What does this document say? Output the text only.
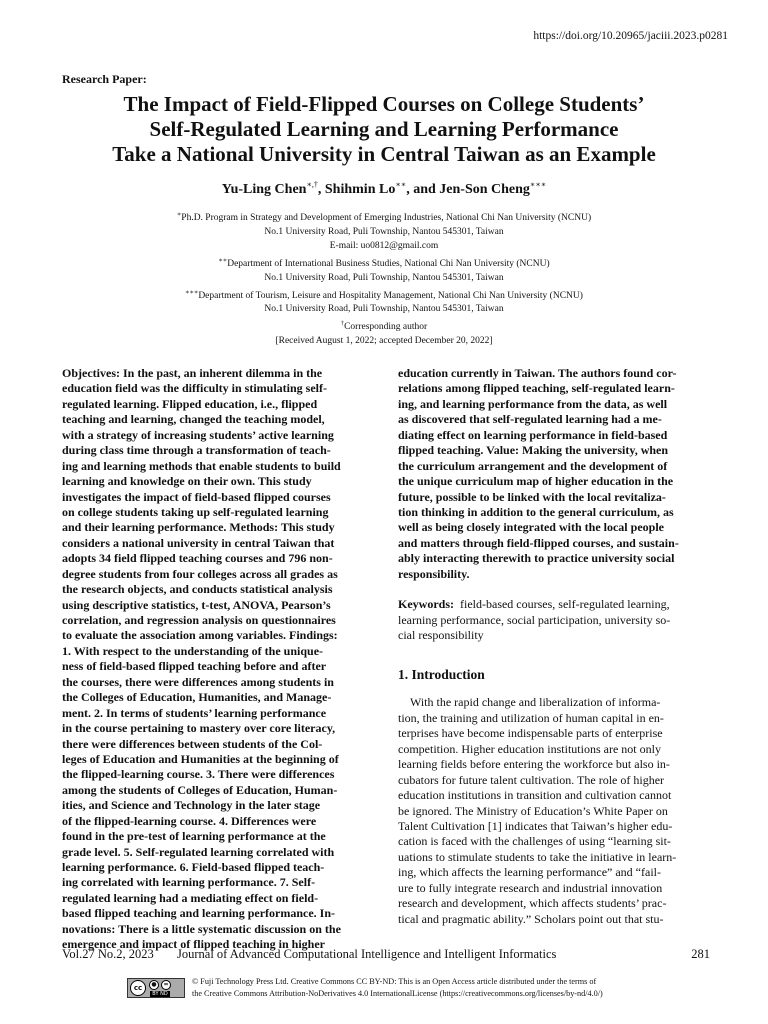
https://doi.org/10.20965/jaciii.2023.p0281
Research Paper:
The Impact of Field-Flipped Courses on College Students’
Self-Regulated Learning and Learning Performance
Take a National University in Central Taiwan as an Example
Yu-Ling Chen∗,†, Shihmin Lo∗∗, and Jen-Son Cheng∗∗∗
∗Ph.D. Program in Strategy and Development of Emerging Industries, National Chi Nan University (NCNU)
No.1 University Road, Puli Township, Nantou 545301, Taiwan
E-mail: uo0812@gmail.com
∗∗Department of International Business Studies, National Chi Nan University (NCNU)
No.1 University Road, Puli Township, Nantou 545301, Taiwan
∗∗∗Department of Tourism, Leisure and Hospitality Management, National Chi Nan University (NCNU)
No.1 University Road, Puli Township, Nantou 545301, Taiwan
†Corresponding author
[Received August 1, 2022; accepted December 20, 2022]
Objectives: In the past, an inherent dilemma in the
education field was the difficulty in stimulating self-
regulated learning. Flipped education, i.e., flipped
teaching and learning, changed the teaching model,
with a strategy of increasing students’ active learning
during class time through a transformation of teach-
ing and learning methods that enable students to build
learning and knowledge on their own. This study
investigates the impact of field-based flipped courses
on college students taking up self-regulated learning
and their learning performance. Methods: This study
considers a national university in central Taiwan that
adopts 34 field flipped teaching courses and 796 non-
degree students from four colleges across all grades as
the research objects, and conducts statistical analysis
using descriptive statistics, t-test, ANOVA, Pearson’s
correlation, and regression analysis on questionnaires
to evaluate the association among variables. Findings:
1. With respect to the understanding of the unique-
ness of field-based flipped teaching before and after
the courses, there were differences among students in
the Colleges of Education, Humanities, and Manage-
ment. 2. In terms of students’ learning performance
in the course pertaining to mastery over core literacy,
there were differences between students of the Col-
leges of Education and Humanities at the beginning of
the flipped-learning course. 3. There were differences
among the students of Colleges of Education, Human-
ities, and Science and Technology in the later stage
of the flipped-learning course. 4. Differences were
found in the pre-test of learning performance at the
grade level. 5. Self-regulated learning correlated with
learning performance. 6. Field-based flipped teach-
ing correlated with learning performance. 7. Self-
regulated learning had a mediating effect on field-
based flipped teaching and learning performance. In-
novations: There is a little systematic discussion on the
emergence and impact of flipped teaching in higher
education currently in Taiwan. The authors found cor-
relations among flipped teaching, self-regulated learn-
ing, and learning performance from the data, as well
as discovered that self-regulated learning had a me-
diating effect on learning performance in field-based
flipped teaching. Value: Making the university, when
the curriculum arrangement and the development of
the unique curriculum map of higher education in the
future, possible to be linked with the local revitaliza-
tion thinking in addition to the general curriculum, as
well as being closely integrated with the local people
and matters through field-flipped courses, and sustain-
ably interacting therewith to practice university social
responsibility.
Keywords: field-based courses, self-regulated learning,
learning performance, social participation, university so-
cial responsibility
1. Introduction
With the rapid change and liberalization of informa-
tion, the training and utilization of human capital in en-
terprises have become indispensable parts of enterprise
competition. Higher education institutions are not only
learning fields before entering the workforce but also in-
cubators for future talent cultivation. The role of higher
education institutions in transition and cultivation cannot
be ignored. The Ministry of Education’s White Paper on
Talent Cultivation [1] indicates that Taiwan’s higher edu-
cation is faced with the challenges of using “learning sit-
uations to stimulate students to take the initiative in learn-
ing, which affects the learning performance” and “fail-
ure to fully integrate research and industrial innovation
research and development, which affects students’ prac-
tical and pragmatic ability.” Scholars point out that stu-
Vol.27 No.2, 2023 Journal of Advanced Computational Intelligence and Intelligent Informatics	281
cc	●	=
BY ND
© Fuji Technology Press Ltd. Creative Commons CC BY-ND: This is an Open Access article distributed under the terms of
the Creative Commons Attribution-NoDerivatives 4.0 InternationalLicense (https://creativecommons.org/licenses/by-nd/4.0/)
